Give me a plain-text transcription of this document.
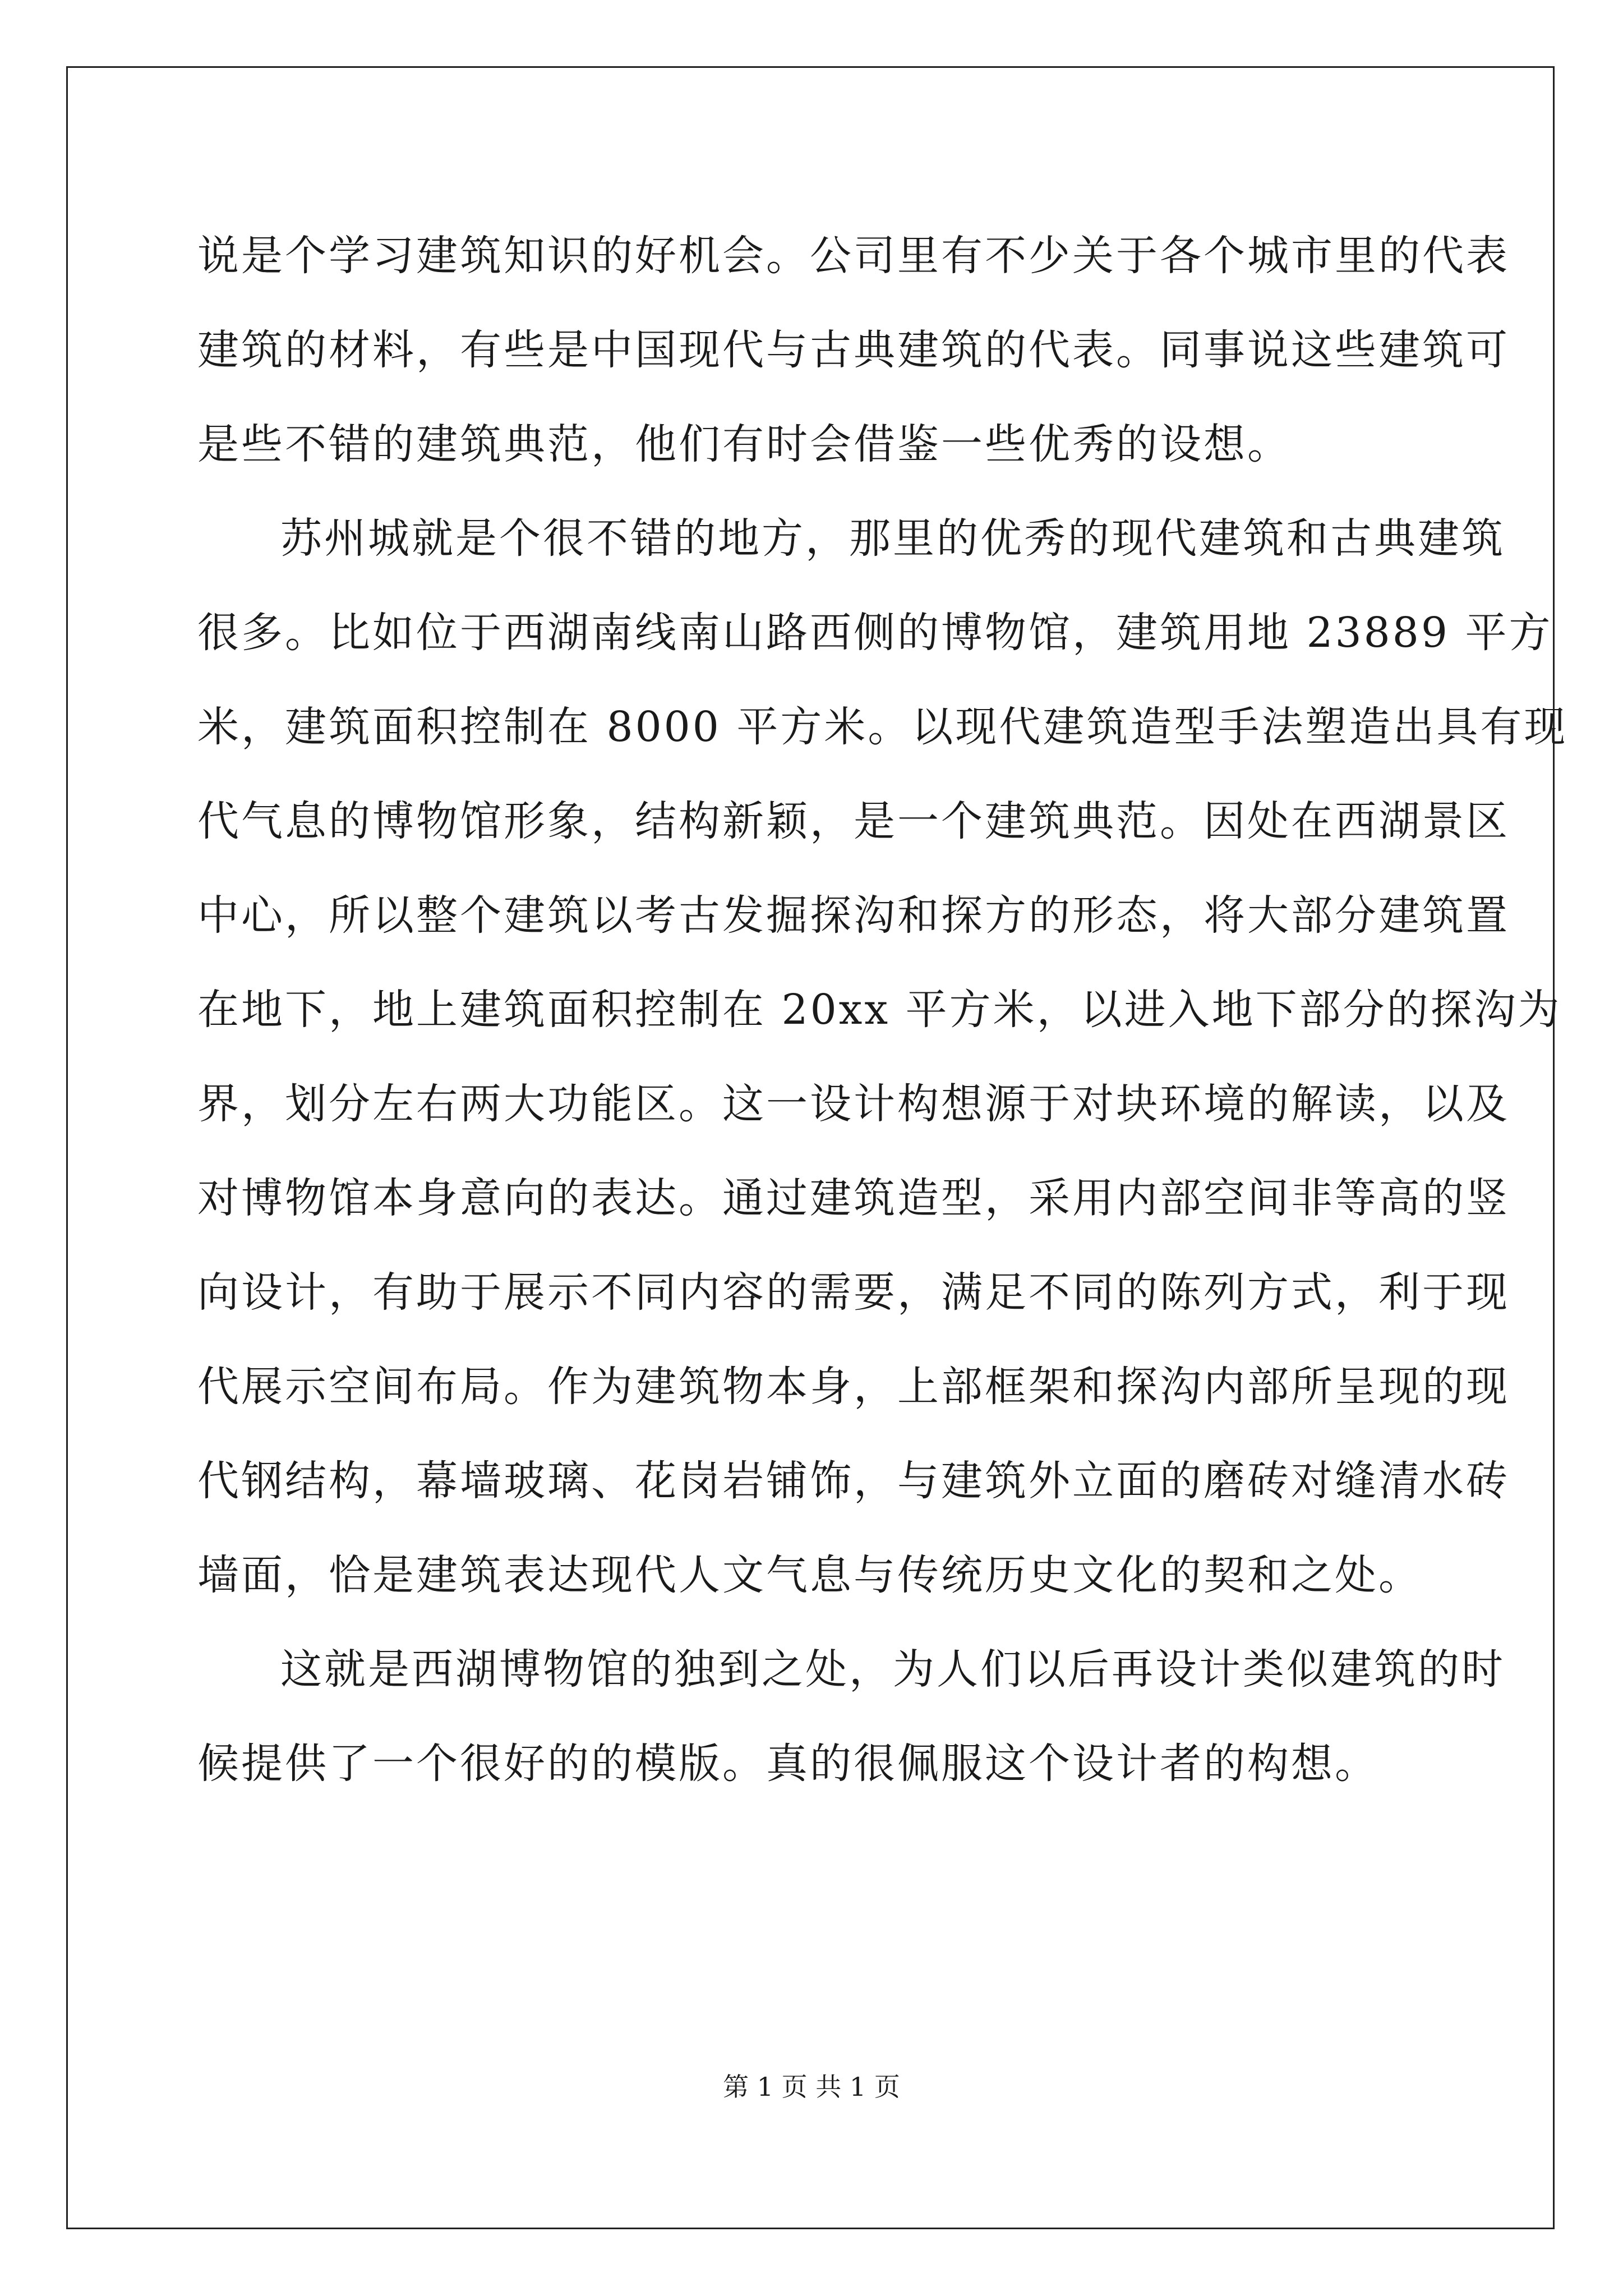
说是个学习建筑知识的好机会。公司里有不少关于各个城市里的代表
建筑的材料，有些是中国现代与古典建筑的代表。同事说这些建筑可
是些不错的建筑典范，他们有时会借鉴一些优秀的设想。
苏州城就是个很不错的地方，那里的优秀的现代建筑和古典建筑
很多。比如位于西湖南线南山路西侧的博物馆，建筑用地 23889 平方
米，建筑面积控制在 8000 平方米。以现代建筑造型手法塑造出具有现
代气息的博物馆形象，结构新颖，是一个建筑典范。因处在西湖景区
中心，所以整个建筑以考古发掘探沟和探方的形态，将大部分建筑置
在地下，地上建筑面积控制在 20xx 平方米，以进入地下部分的探沟为
界，划分左右两大功能区。这一设计构想源于对块环境的解读，以及
对博物馆本身意向的表达。通过建筑造型，采用内部空间非等高的竖
向设计，有助于展示不同内容的需要，满足不同的陈列方式，利于现
代展示空间布局。作为建筑物本身，上部框架和探沟内部所呈现的现
代钢结构，幕墙玻璃、花岗岩铺饰，与建筑外立面的磨砖对缝清水砖
墙面，恰是建筑表达现代人文气息与传统历史文化的契和之处。
这就是西湖博物馆的独到之处，为人们以后再设计类似建筑的时
候提供了一个很好的的模版。真的很佩服这个设计者的构想。
第 1 页 共 1 页
